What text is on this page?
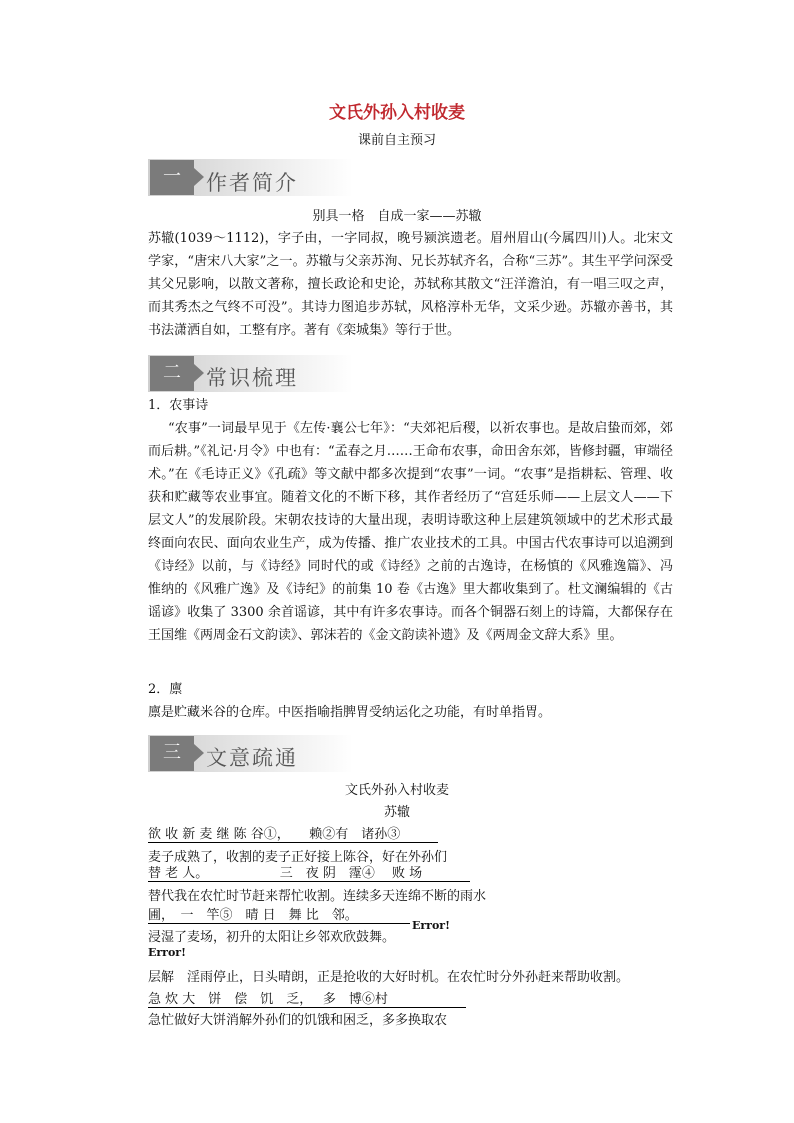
文氏外孙入村收麦
课前自主预习
一	作者简介
别具一格　自成一家——苏辙
苏辙(1039～1112)，字子由，一字同叔，晚号颍滨遗老。眉州眉山(今属四川)人。北宋文学家，“唐宋八大家”之一。苏辙与父亲苏洵、兄长苏轼齐名，合称“三苏”。其生平学问深受其父兄影响，以散文著称，擅长政论和史论，苏轼称其散文“汪洋澹泊，有一唱三叹之声，而其秀杰之气终不可没”。其诗力图追步苏轼，风格淳朴无华，文采少逊。苏辙亦善书，其书法潇洒自如，工整有序。著有《栾城集》等行于世。
二	常识梳理
1．农事诗
“农事”一词最早见于《左传·襄公七年》：“夫郊祀后稷，以祈农事也。是故启蛰而郊，郊而后耕。”《礼记·月令》中也有：“孟春之月……王命布农事，命田舍东郊，皆修封疆，审端径术。”在《毛诗正义》《孔疏》等文献中都多次提到“农事”一词。“农事”是指耕耘、管理、收获和贮藏等农业事宜。随着文化的不断下移，其作者经历了“宫廷乐师——上层文人——下层文人”的发展阶段。宋朝农技诗的大量出现，表明诗歌这种上层建筑领域中的艺术形式最终面向农民、面向农业生产，成为传播、推广农业技术的工具。中国古代农事诗可以追溯到《诗经》以前，与《诗经》同时代的或《诗经》之前的古逸诗，在杨慎的《风雅逸篇》、冯惟纳的《风雅广逸》及《诗纪》的前集 10 卷《古逸》里大都收集到了。杜文澜编辑的《古谣谚》收集了 3300 余首谣谚，其中有许多农事诗。而各个铜器石刻上的诗篇，大都保存在王国维《两周金石文韵读》、郭沫若的《金文韵读补遗》及《两周金文辞大系》里。
2．廪
廪是贮藏米谷的仓库。中医指喻指脾胃受纳运化之功能，有时单指胃。
三	文意疏通
文氏外孙入村收麦
苏辙
欲 收 新 麦 继 陈 谷①，　　赖②有　诸孙③
麦子成熟了，收割的麦子正好接上陈谷，好在外孙们
替 老 人。　　　　　　三　夜 阴　霪④　 败 场
替代我在农忙时节赶来帮忙收割。连续多天连绵不断的雨水
圃，　一　竿⑤　晴 日　舞 比　邻。
浸湿了麦场，初升的太阳让乡邻欢欣鼓舞。
Error!
Error!
层解　淫雨停止，日头晴朗，正是抢收的大好时机。在农忙时分外孙赶来帮助收割。
急 炊 大　饼　偿　饥　乏，　 多　博⑥村
急忙做好大饼消解外孙们的饥饿和困乏，多多换取农
